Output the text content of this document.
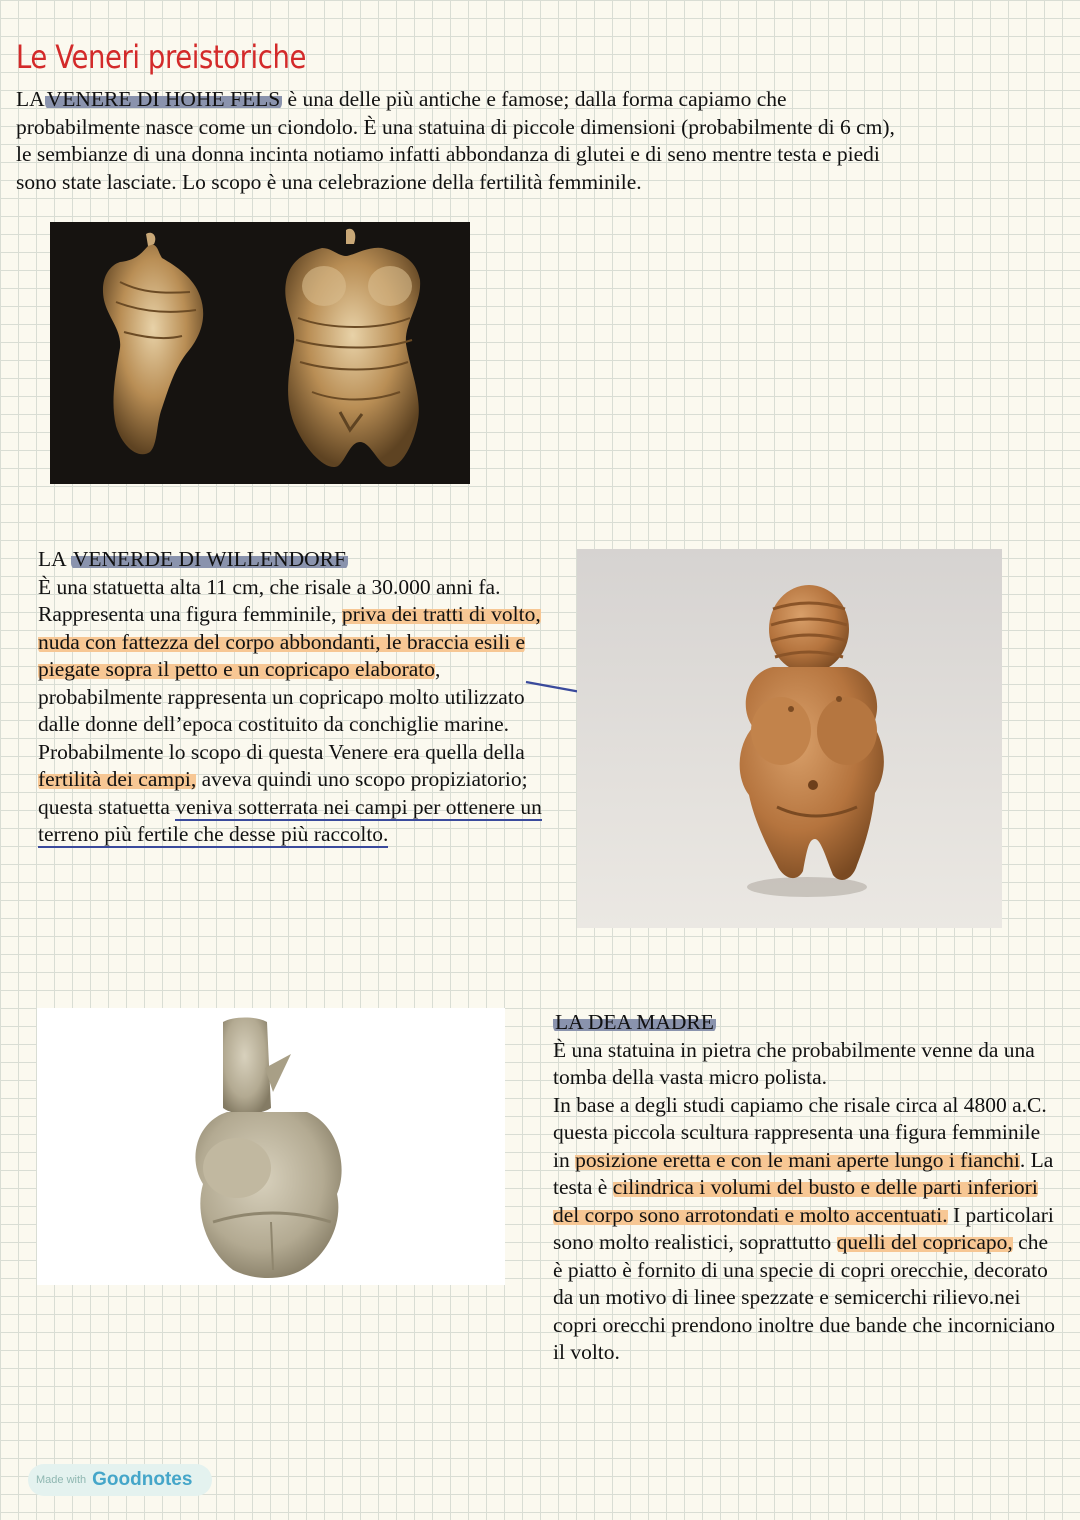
Le Veneri preistoriche

LAVENERE DI HOHE FELS è una delle più antiche e famose; dalla forma capiamo che
probabilmente nasce come un ciondolo. È una statuina di piccole dimensioni (probabilmente di 6 cm),
le sembianze di una donna incinta notiamo infatti abbondanza di glutei e di seno mentre testa e piedi
sono state lasciate. Lo scopo è una celebrazione della fertilità femminile.

LA VENERDE DI WILLENDORF
È una statuetta alta 11 cm, che risale a 30.000 anni fa.
Rappresenta una figura femminile, priva dei tratti di volto, nuda con fattezza del corpo abbondanti, le braccia esili e piegate sopra il petto e un copricapo elaborato, probabilmente rappresenta un copricapo molto utilizzato dalle donne dell’epoca costituito da conchiglie marine.
Probabilmente lo scopo di questa Venere era quella della fertilità dei campi, aveva quindi uno scopo propiziatorio; questa statuetta veniva sotterrata nei campi per ottenere un terreno più fertile che desse più raccolto.

LA DEA MADRE
È una statuina in pietra che probabilmente venne da una tomba della vasta micro polista.
In base a degli studi capiamo che risale circa al 4800 a.C.
questa piccola scultura rappresenta una figura femminile in posizione eretta e con le mani aperte lungo i fianchi. La testa è cilindrica i volumi del busto e delle parti inferiori del corpo sono arrotondati e molto accentuati. I particolari sono molto realistici, soprattutto quelli del copricapo, che è piatto è fornito di una specie di copri orecchie, decorato da un motivo di linee spezzate e semicerchi rilievo.nei copri orecchi prendono inoltre due bande che incorniciano il volto.

Made with Goodnotes
